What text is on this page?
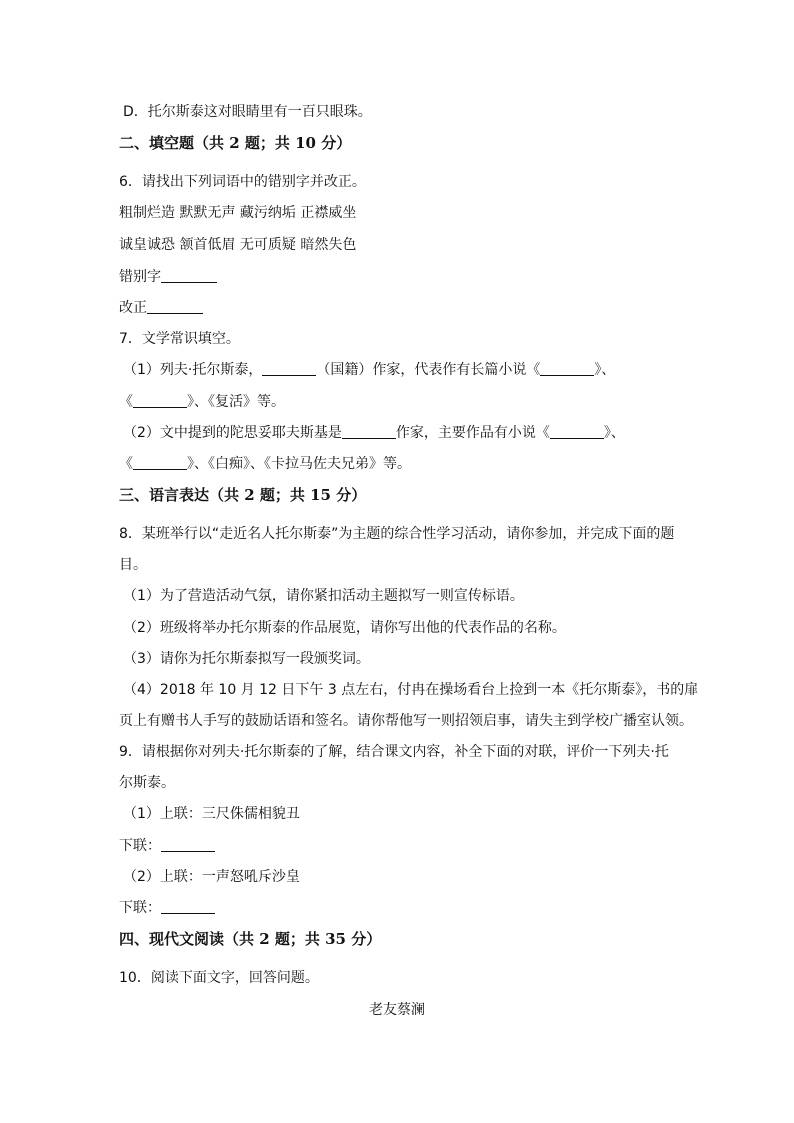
D．托尔斯泰这对眼睛里有一百只眼珠。
二、填空题（共 2 题；共 10 分）
6．请找出下列词语中的错别字并改正。
粗制烂造 默默无声 藏污纳垢 正襟威坐
诚皇诚恐 颔首低眉 无可质疑 暗然失色
错别字
改正
7．文学常识填空。
（1）列夫·托尔斯泰，	（国籍）作家，代表作有长篇小说《	》、
《	》、《复活》等。
（2）文中提到的陀思妥耶夫斯基是	作家，主要作品有小说《	》、
《	》、《白痴》、《卡拉马佐夫兄弟》等。
三、语言表达（共 2 题；共 15 分）
8．某班举行以“走近名人托尔斯泰”为主题的综合性学习活动，请你参加，并完成下面的题
目。
（1）为了营造活动气氛，请你紧扣活动主题拟写一则宣传标语。
（2）班级将举办托尔斯泰的作品展览，请你写出他的代表作品的名称。
（3）请你为托尔斯泰拟写一段颁奖词。
（4）2018 年 10 月 12 日下午 3 点左右，付冉在操场看台上捡到一本《托尔斯泰》，书的扉
页上有赠书人手写的鼓励话语和签名。请你帮他写一则招领启事，请失主到学校广播室认领。
9．请根据你对列夫·托尔斯泰的了解，结合课文内容，补全下面的对联，评价一下列夫·托
尔斯泰。
（1）上联：三尺侏儒相貌丑
下联：
（2）上联：一声怒吼斥沙皇
下联：
四、现代文阅读（共 2 题；共 35 分）
10．阅读下面文字，回答问题。
老友蔡澜
